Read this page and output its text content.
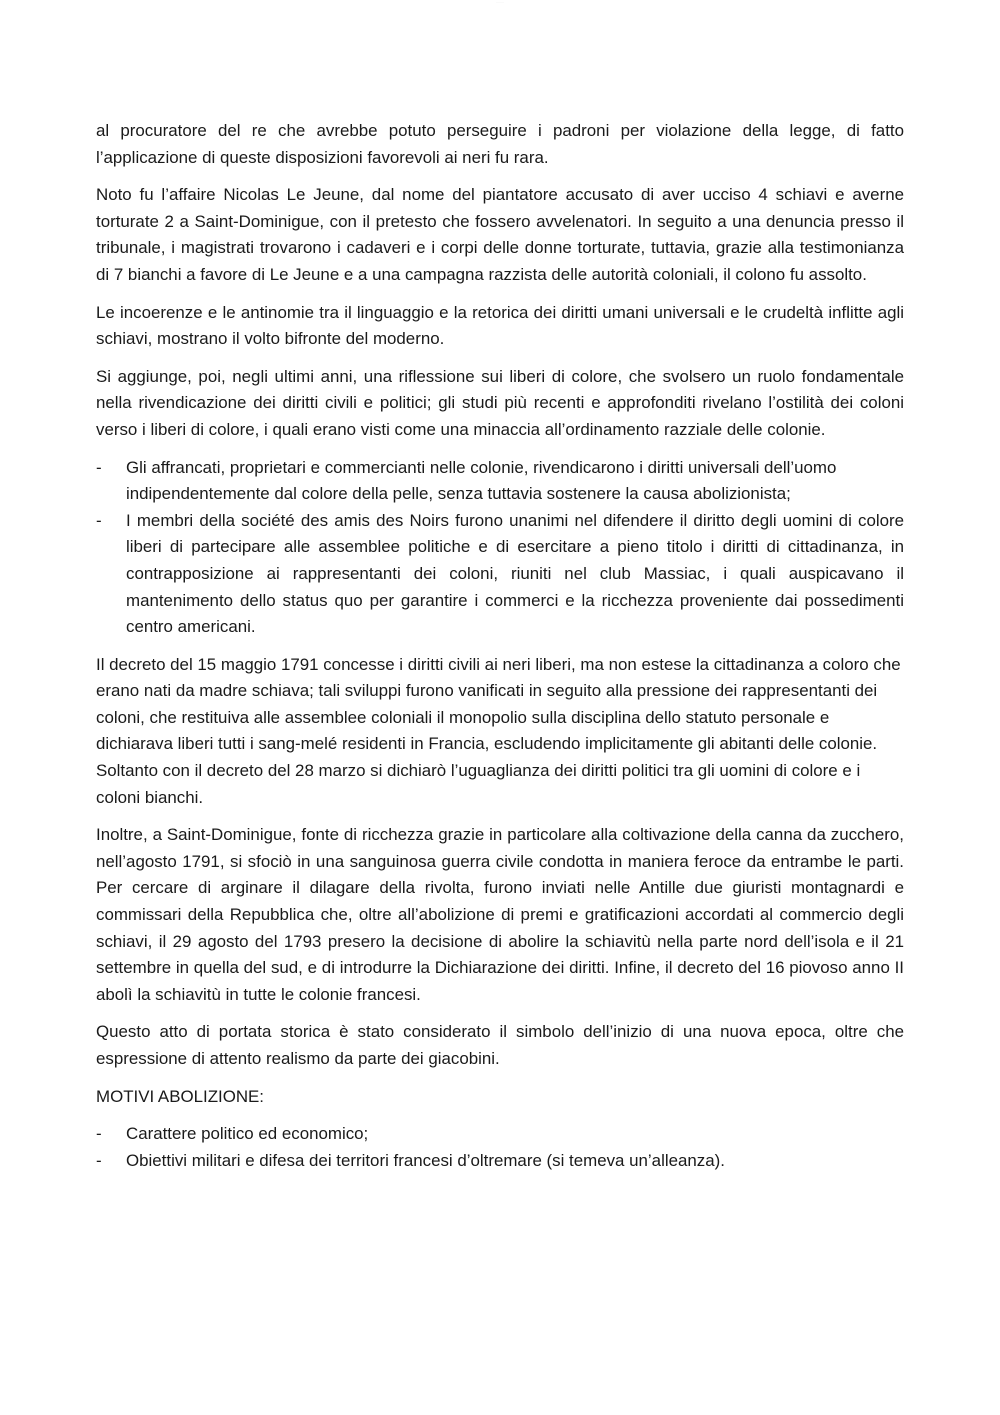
········

al procuratore del re che avrebbe potuto perseguire i padroni per violazione della legge, di fatto l’applicazione di queste disposizioni favorevoli ai neri fu rara.

Noto fu l’affaire Nicolas Le Jeune, dal nome del piantatore accusato di aver ucciso 4 schiavi e averne torturate 2 a Saint-Dominigue, con il pretesto che fossero avvelenatori. In seguito a una denuncia presso il tribunale, i magistrati trovarono i cadaveri e i corpi delle donne torturate, tuttavia, grazie alla testimonianza di 7 bianchi a favore di Le Jeune e a una campagna razzista delle autorità coloniali, il colono fu assolto.

Le incoerenze e le antinomie tra il linguaggio e la retorica dei diritti umani universali e le crudeltà inflitte agli schiavi, mostrano il volto bifronte del moderno.

Si aggiunge, poi, negli ultimi anni, una riflessione sui liberi di colore, che svolsero un ruolo fondamentale nella rivendicazione dei diritti civili e politici; gli studi più recenti e approfonditi rivelano l’ostilità dei coloni verso i liberi di colore, i quali erano visti come una minaccia all’ordinamento razziale delle colonie.

- Gli affrancati, proprietari e commercianti nelle colonie, rivendicarono i diritti universali dell’uomo indipendentemente dal colore della pelle, senza tuttavia sostenere la causa abolizionista;
- I membri della société des amis des Noirs furono unanimi nel difendere il diritto degli uomini di colore liberi di partecipare alle assemblee politiche e di esercitare a pieno titolo i diritti di cittadinanza, in contrapposizione ai rappresentanti dei coloni, riuniti nel club Massiac, i quali auspicavano il mantenimento dello status quo per garantire i commerci e la ricchezza proveniente dai possedimenti centro americani.

Il decreto del 15 maggio 1791 concesse i diritti civili ai neri liberi, ma non estese la cittadinanza a coloro che erano nati da madre schiava; tali sviluppi furono vanificati in seguito alla pressione dei rappresentanti dei coloni, che restituiva alle assemblee coloniali il monopolio sulla disciplina dello statuto personale e dichiarava liberi tutti i sang-melé residenti in Francia, escludendo implicitamente gli abitanti delle colonie. Soltanto con il decreto del 28 marzo si dichiarò l’uguaglianza dei diritti politici tra gli uomini di colore e i coloni bianchi.

Inoltre, a Saint-Dominigue, fonte di ricchezza grazie in particolare alla coltivazione della canna da zucchero, nell’agosto 1791, si sfociò in una sanguinosa guerra civile condotta in maniera feroce da entrambe le parti. Per cercare di arginare il dilagare della rivolta, furono inviati nelle Antille due giuristi montagnardi e commissari della Repubblica che, oltre all’abolizione di premi e gratificazioni accordati al commercio degli schiavi, il 29 agosto del 1793 presero la decisione di abolire la schiavitù nella parte nord dell’isola e il 21 settembre in quella del sud, e di introdurre la Dichiarazione dei diritti. Infine, il decreto del 16 piovoso anno II abolì la schiavitù in tutte le colonie francesi.

Questo atto di portata storica è stato considerato il simbolo dell’inizio di una nuova epoca, oltre che espressione di attento realismo da parte dei giacobini.

MOTIVI ABOLIZIONE:

- Carattere politico ed economico;
- Obiettivi militari e difesa dei territori francesi d’oltremare (si temeva un’alleanza).
